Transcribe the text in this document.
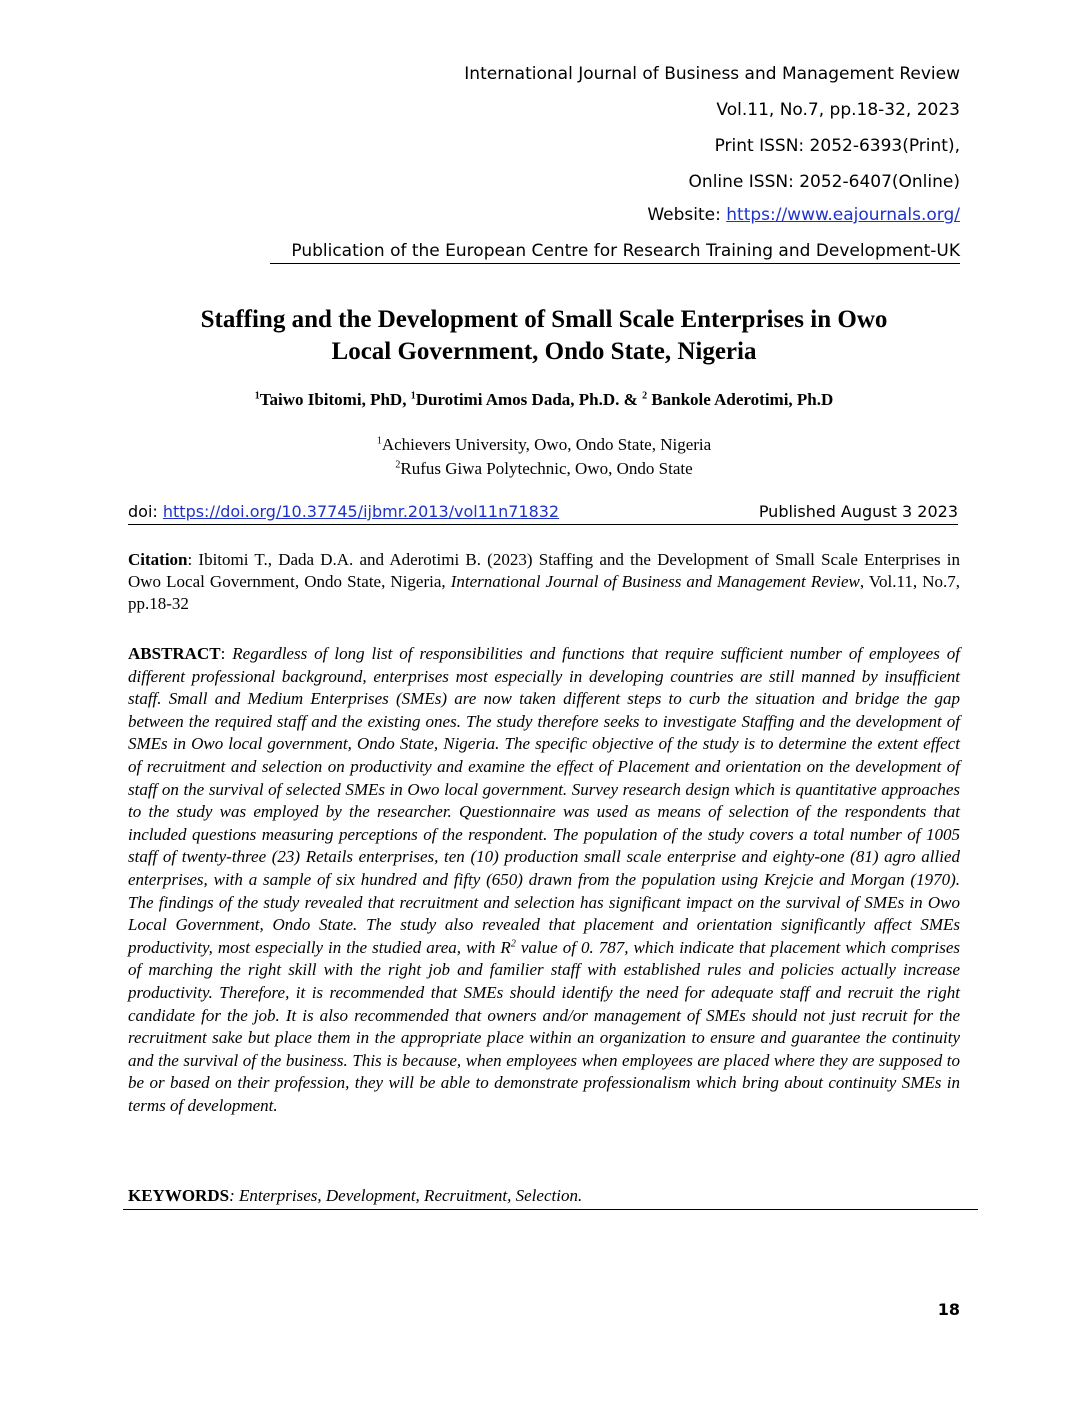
International Journal of Business and Management Review
Vol.11, No.7, pp.18-32, 2023
Print ISSN: 2052-6393(Print),
Online ISSN: 2052-6407(Online)
Website: https://www.eajournals.org/
Publication of the European Centre for Research Training and Development-UK
Staffing and the Development of Small Scale Enterprises in Owo
Local Government, Ondo State, Nigeria
$^1$Taiwo Ibitomi, PhD, $^1$Durotimi Amos Dada, Ph.D. & $^2$ Bankole Aderotimi, Ph.D
$^1$Achievers University, Owo, Ondo State, Nigeria
$^2$Rufus Giwa Polytechnic, Owo, Ondo State
doi: https://doi.org/10.37745/ijbmr.2013/vol11n71832	Published August 3 2023
Citation: Ibitomi T., Dada D.A. and Aderotimi B. (2023) Staffing and the Development of Small Scale Enterprises in Owo Local Government, Ondo State, Nigeria, International Journal of Business and Management Review, Vol.11, No.7, pp.18-32
ABSTRACT: Regardless of long list of responsibilities and functions that require sufficient number of employees of different professional background, enterprises most especially in developing countries are still manned by insufficient staff. Small and Medium Enterprises (SMEs) are now taken different steps to curb the situation and bridge the gap between the required staff and the existing ones. The study therefore seeks to investigate Staffing and the development of SMEs in Owo local government, Ondo State, Nigeria. The specific objective of the study is to determine the extent effect of recruitment and selection on productivity and examine the effect of Placement and orientation on the development of staff on the survival of selected SMEs in Owo local government. Survey research design which is quantitative approaches to the study was employed by the researcher. Questionnaire was used as means of selection of the respondents that included questions measuring perceptions of the respondent. The population of the study covers a total number of 1005 staff of twenty-three (23) Retails enterprises, ten (10) production small scale enterprise and eighty-one (81) agro allied enterprises, with a sample of six hundred and fifty (650) drawn from the population using Krejcie and Morgan (1970). The findings of the study revealed that recruitment and selection has significant impact on the survival of SMEs in Owo Local Government, Ondo State. The study also revealed that placement and orientation significantly affect SMEs productivity, most especially in the studied area, with $R^2$ value of 0. 787, which indicate that placement which comprises of marching the right skill with the right job and familier staff with established rules and policies actually increase productivity. Therefore, it is recommended that SMEs should identify the need for adequate staff and recruit the right candidate for the job. It is also recommended that owners and/or management of SMEs should not just recruit for the recruitment sake but place them in the appropriate place within an organization to ensure and guarantee the continuity and the survival of the business. This is because, when employees when employees are placed where they are supposed to be or based on their profession, they will be able to demonstrate professionalism which bring about continuity SMEs in terms of development.
KEYWORDS: Enterprises, Development, Recruitment, Selection.
18
